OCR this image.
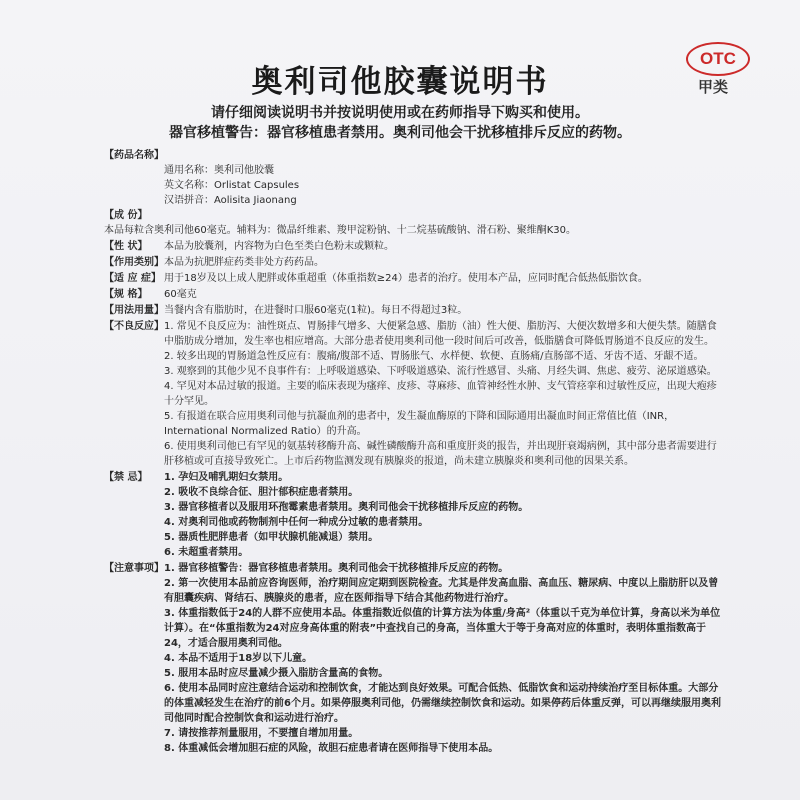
OTC
甲类
奥利司他胶囊说明书
请仔细阅读说明书并按说明使用或在药师指导下购买和使用。
器官移植警告：器官移植患者禁用。奥利司他会干扰移植排斥反应的药物。
【药品名称】
通用名称：奥利司他胶囊
英文名称：Orlistat Capsules
汉语拼音：Aolisita Jiaonang
【成 份】
本品每粒含奥利司他60毫克。辅料为：微晶纤维素、羧甲淀粉钠、十二烷基硫酸钠、滑石粉、聚维酮K30。
【性 状】	本品为胶囊剂，内容物为白色至类白色粉末或颗粒。
【作用类别】 本品为抗肥胖症药类非处方药药品。
【适 应 症】 用于18岁及以上成人肥胖或体重超重（体重指数≥24）患者的治疗。使用本产品，应同时配合低热低脂饮食。
【规 格】	60毫克
【用法用量】 当餐内含有脂肪时，在进餐时口服60毫克(1粒)。每日不得超过3粒。
【不良反应】 1. 常见不良反应为：油性斑点、胃肠排气增多、大便紧急感、脂肪（油）性大便、脂肪泻、大便次数增多和大便失禁。随膳食中脂肪成分增加，发生率也相应增高。大部分患者使用奥利司他一段时间后可改善，低脂膳食可降低胃肠道不良反应的发生。
2. 较多出现的胃肠道急性反应有：腹痛/腹部不适、胃肠胀气、水样便、软便、直肠痛/直肠部不适、牙齿不适、牙龈不适。
3. 观察到的其他少见不良事件有：上呼吸道感染、下呼吸道感染、流行性感冒、头痛、月经失调、焦虑、疲劳、泌尿道感染。
4. 罕见对本品过敏的报道。主要的临床表现为瘙痒、皮疹、荨麻疹、血管神经性水肿、支气管痉挛和过敏性反应，出现大疱疹十分罕见。
5. 有报道在联合应用奥利司他与抗凝血剂的患者中，发生凝血酶原的下降和国际通用出凝血时间正常值比值（INR，International Normalized Ratio）的升高。
6. 使用奥利司他已有罕见的氨基转移酶升高、碱性磷酸酶升高和重度肝炎的报告，并出现肝衰竭病例，其中部分患者需要进行肝移植或可直接导致死亡。上市后药物监测发现有胰腺炎的报道，尚未建立胰腺炎和奥利司他的因果关系。
【禁 忌】	1. 孕妇及哺乳期妇女禁用。
2. 吸收不良综合征、胆汁郁积症患者禁用。
3. 器官移植者以及服用环孢霉素患者禁用。奥利司他会干扰移植排斥反应的药物。
4. 对奥利司他或药物制剂中任何一种成分过敏的患者禁用。
5. 器质性肥胖患者（如甲状腺机能减退）禁用。
6. 未超重者禁用。
【注意事项】 1. 器官移植警告：器官移植患者禁用。奥利司他会干扰移植排斥反应的药物。
2. 第一次使用本品前应咨询医师，治疗期间应定期到医院检查。尤其是伴发高血脂、高血压、糖尿病、中度以上脂肪肝以及曾有胆囊疾病、肾结石、胰腺炎的患者，应在医师指导下结合其他药物进行治疗。
3. 体重指数低于24的人群不应使用本品。体重指数近似值的计算方法为体重/身高²（体重以千克为单位计算，身高以米为单位计算）。在“体重指数为24对应身高体重的附表”中查找自己的身高，当体重大于等于身高对应的体重时，表明体重指数高于24，才适合服用奥利司他。
4. 本品不适用于18岁以下儿童。
5. 服用本品时应尽量减少摄入脂肪含量高的食物。
6. 使用本品同时应注意结合运动和控制饮食，才能达到良好效果。可配合低热、低脂饮食和运动持续治疗至目标体重。大部分的体重减轻发生在治疗的前6个月。如果停服奥利司他，仍需继续控制饮食和运动。如果停药后体重反弹，可以再继续服用奥利司他同时配合控制饮食和运动进行治疗。
7. 请按推荐剂量服用，不要擅自增加用量。
8. 体重减低会增加胆石症的风险，故胆石症患者请在医师指导下使用本品。
